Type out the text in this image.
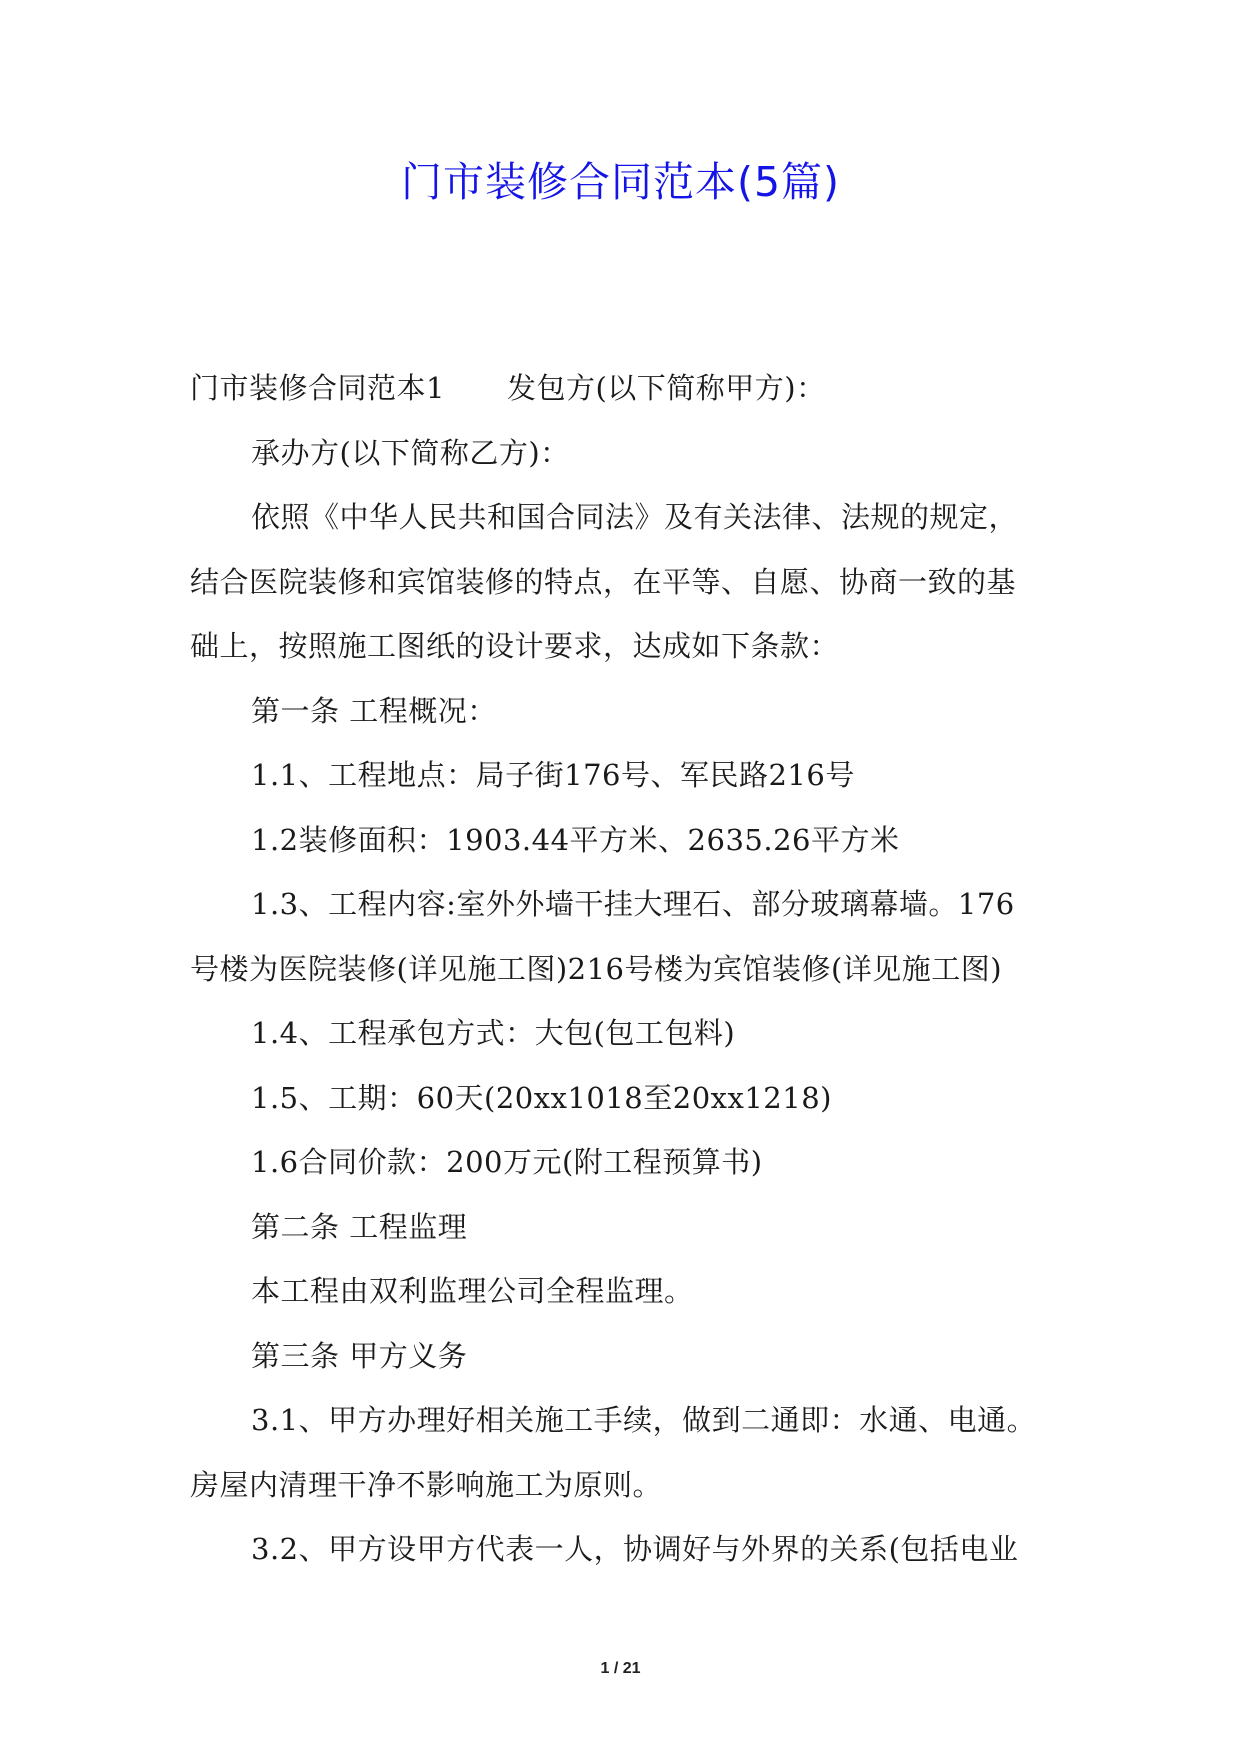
门市装修合同范本(5篇)
门市装修合同范本1 发包方(以下简称甲方)：
承办方(以下简称乙方)：
依照《中华人民共和国合同法》及有关法律、法规的规定，
结合医院装修和宾馆装修的特点，在平等、自愿、协商一致的基
础上，按照施工图纸的设计要求，达成如下条款：
第一条 工程概况：
1.1、工程地点：局子街176号、军民路216号
1.2装修面积：1903.44平方米、2635.26平方米
1.3、工程内容:室外外墙干挂大理石、部分玻璃幕墙。176
号楼为医院装修(详见施工图)216号楼为宾馆装修(详见施工图)
1.4、工程承包方式：大包(包工包料)
1.5、工期：60天(20xx1018至20xx1218)
1.6合同价款：200万元(附工程预算书)
第二条 工程监理
本工程由双利监理公司全程监理。
第三条 甲方义务
3.1、甲方办理好相关施工手续，做到二通即：水通、电通。
房屋内清理干净不影响施工为原则。
3.2、甲方设甲方代表一人，协调好与外界的关系(包括电业
1 / 21
